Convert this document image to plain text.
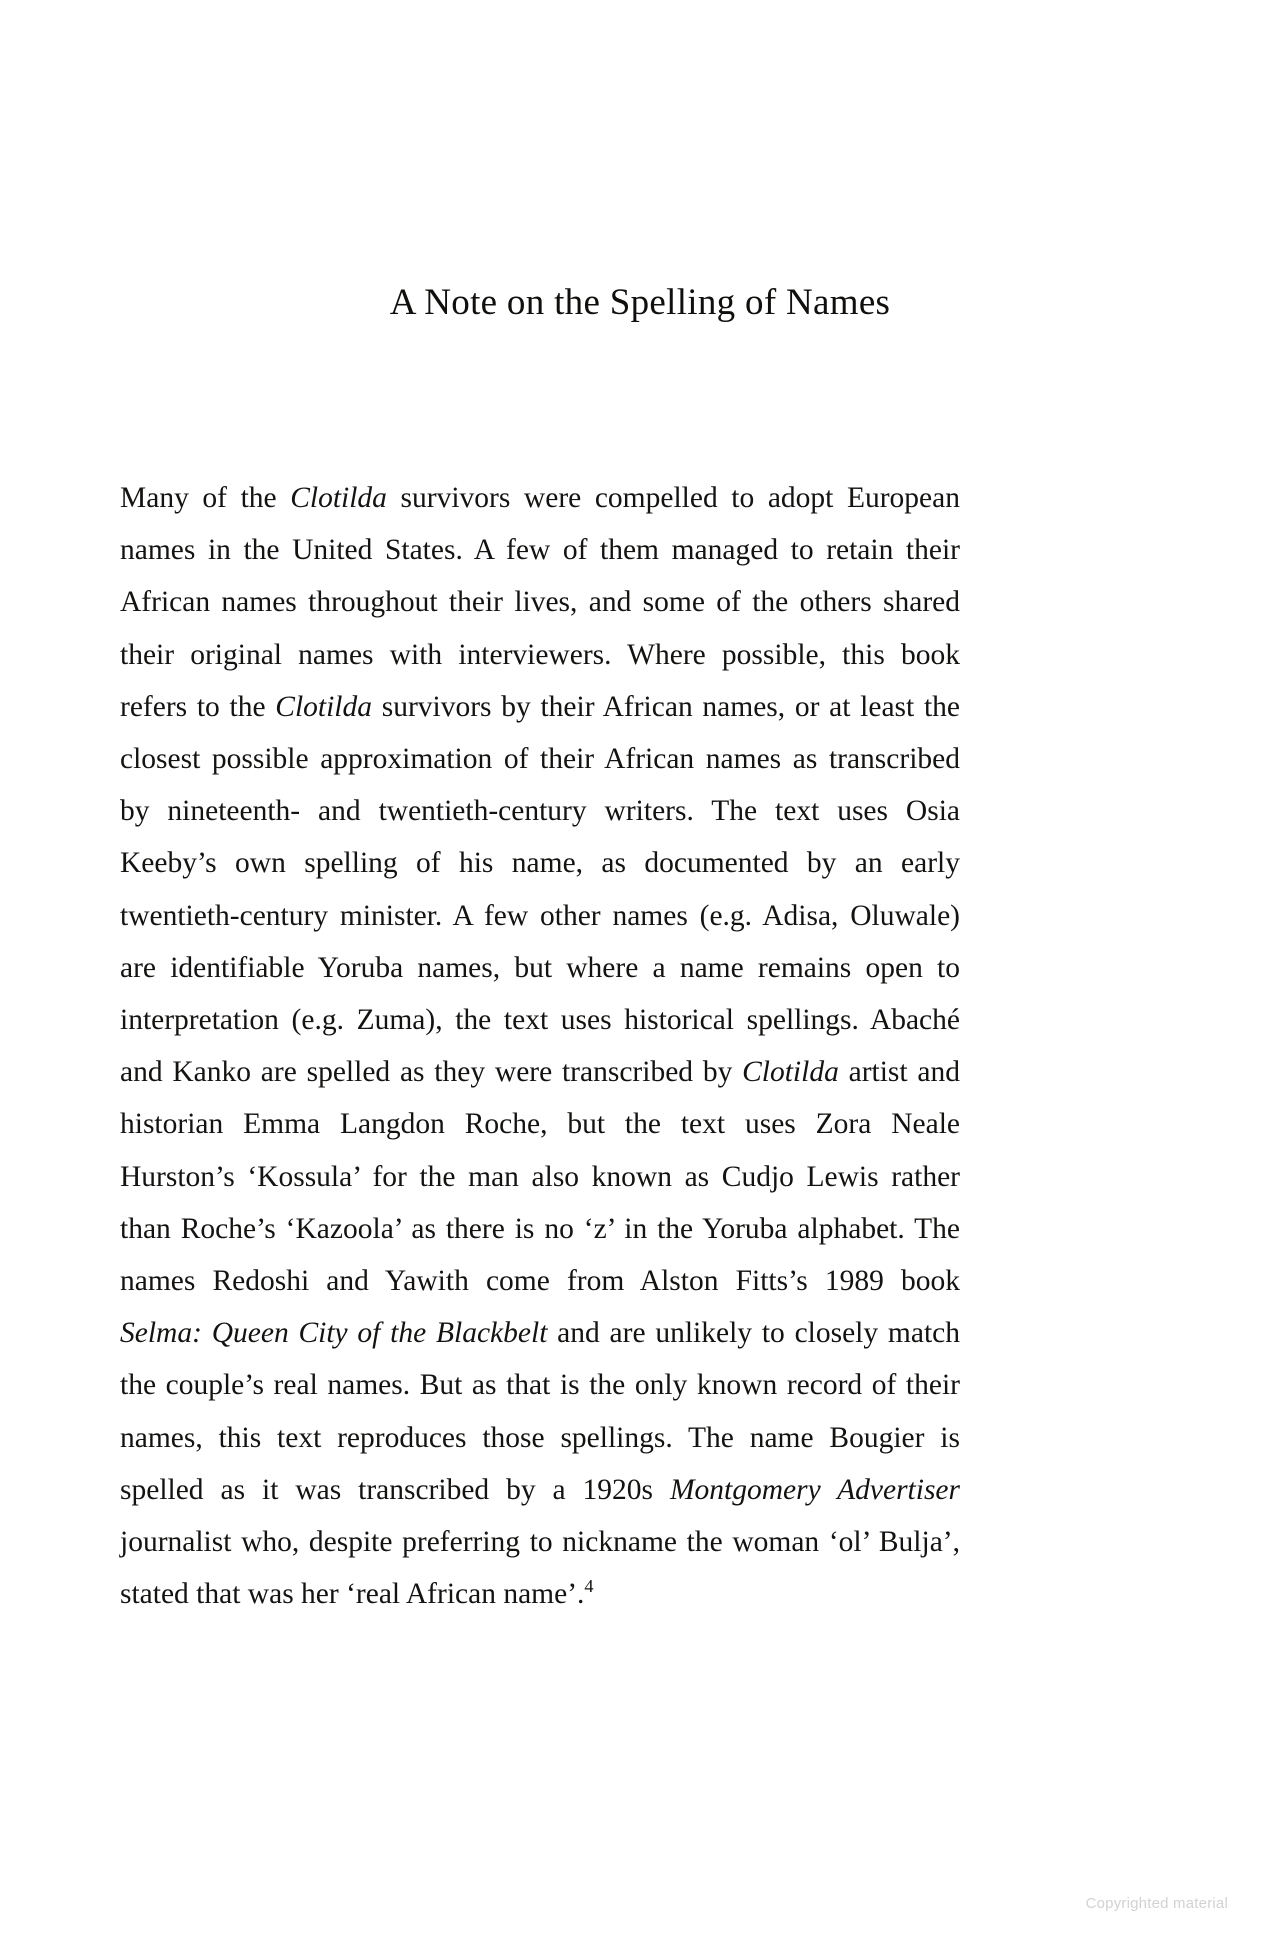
A Note on the Spelling of Names

Many of the Clotilda survivors were compelled to adopt European names in the United States. A few of them managed to retain their African names throughout their lives, and some of the others shared their original names with interviewers. Where possible, this book refers to the Clotilda survivors by their African names, or at least the closest possible approximation of their African names as transcribed by nineteenth- and twentieth-century writers. The text uses Osia Keeby’s own spelling of his name, as documented by an early twentieth-century minister. A few other names (e.g. Adisa, Oluwale) are identifiable Yoruba names, but where a name remains open to interpretation (e.g. Zuma), the text uses historical spellings. Abaché and Kanko are spelled as they were transcribed by Clotilda artist and historian Emma Langdon Roche, but the text uses Zora Neale Hurston’s ‘Kossula’ for the man also known as Cudjo Lewis rather than Roche’s ‘Kazoola’ as there is no ‘z’ in the Yoruba alphabet. The names Redoshi and Yawith come from Alston Fitts’s 1989 book Selma: Queen City of the Blackbelt and are unlikely to closely match the couple’s real names. But as that is the only known record of their names, this text reproduces those spellings. The name Bougier is spelled as it was transcribed by a 1920s Montgomery Advertiser journalist who, despite preferring to nickname the woman ‘ol’ Bulja’, stated that was her ‘real African name’.$^4$

Copyrighted material
